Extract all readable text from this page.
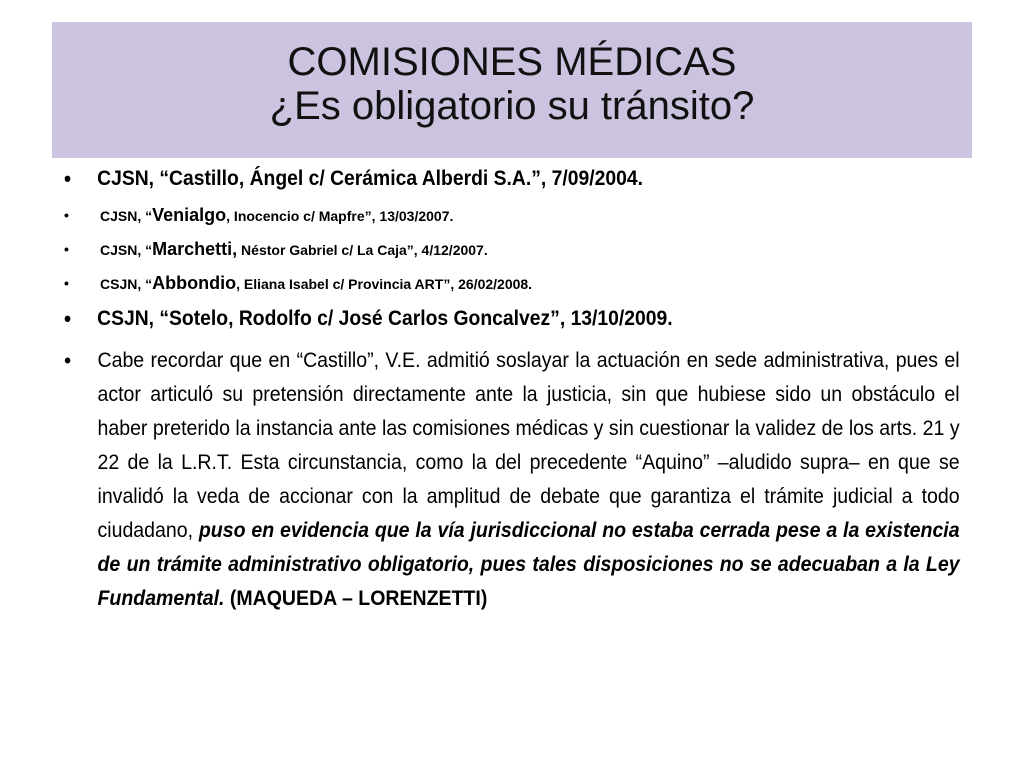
COMISIONES MÉDICAS
¿Es obligatorio su tránsito?
• CJSN, “Castillo, Ángel c/ Cerámica Alberdi S.A.”, 7/09/2004.
• CJSN, “Venialgo, Inocencio c/ Mapfre”, 13/03/2007.
• CJSN, “Marchetti, Néstor Gabriel c/ La Caja”, 4/12/2007.
• CSJN, “Abbondio, Eliana Isabel c/ Provincia ART”, 26/02/2008.
• CSJN, “Sotelo, Rodolfo c/ José Carlos Goncalvez”, 13/10/2009.
• Cabe recordar que en “Castillo”, V.E. admitió soslayar la actuación en sede administrativa, pues el actor articuló su pretensión directamente ante la justicia, sin que hubiese sido un obstáculo el haber preterido la instancia ante las comisiones médicas y sin cuestionar la validez de los arts. 21 y 22 de la L.R.T. Esta circunstancia, como la del precedente “Aquino” –aludido supra– en que se invalidó la veda de accionar con la amplitud de debate que garantiza el trámite judicial a todo ciudadano, puso en evidencia que la vía jurisdiccional no estaba cerrada pese a la existencia de un trámite administrativo obligatorio, pues tales disposiciones no se adecuaban a la Ley Fundamental. (MAQUEDA – LORENZETTI)
